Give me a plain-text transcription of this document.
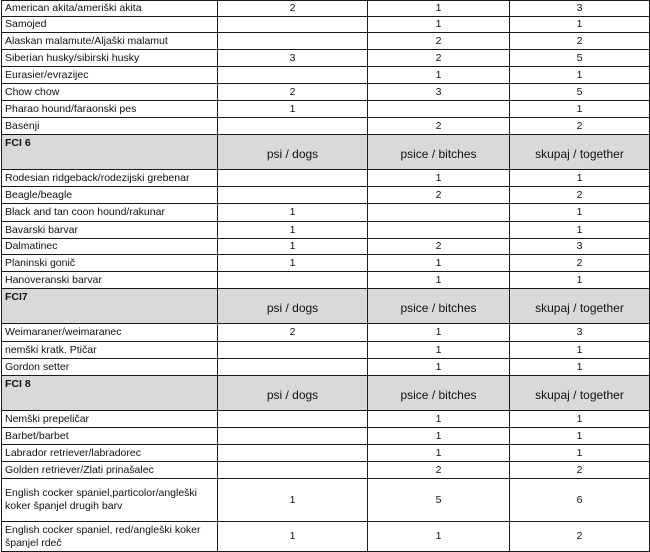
American akita/ameriški akita	2	1	3
Samojed		1	1
Alaskan malamute/Aljaški malamut		2	2
Siberian husky/sibirski husky	3	2	5
Eurasier/evrazijec		1	1
Chow chow	2	3	5
Pharao hound/faraonski pes	1		1
Basenji		2	2
FCI 6	psi / dogs	psice / bitches	skupaj / together
Rodesian ridgeback/rodezijski grebenar		1	1
Beagle/beagle		2	2
Black and tan coon hound/rakunar	1		1
Bavarski barvar	1		1
Dalmatinec	1	2	3
Planinski gonič	1	1	2
Hanoveranski barvar		1	1
FCI7	psi / dogs	psice / bitches	skupaj / together
Weimaraner/weimaranec	2	1	3
nemški kratk. Ptičar		1	1
Gordon setter		1	1
FCI 8	psi / dogs	psice / bitches	skupaj / together
Nemški prepeličar		1	1
Barbet/barbet		1	1
Labrador retriever/labradorec		1	1
Golden retriever/Zlati prinašalec		2	2
English cocker spaniel,particolor/angleški koker španjel drugih barv	1	5	6
English cocker spaniel, red/angleški koker španjel rdeč	1	1	2
